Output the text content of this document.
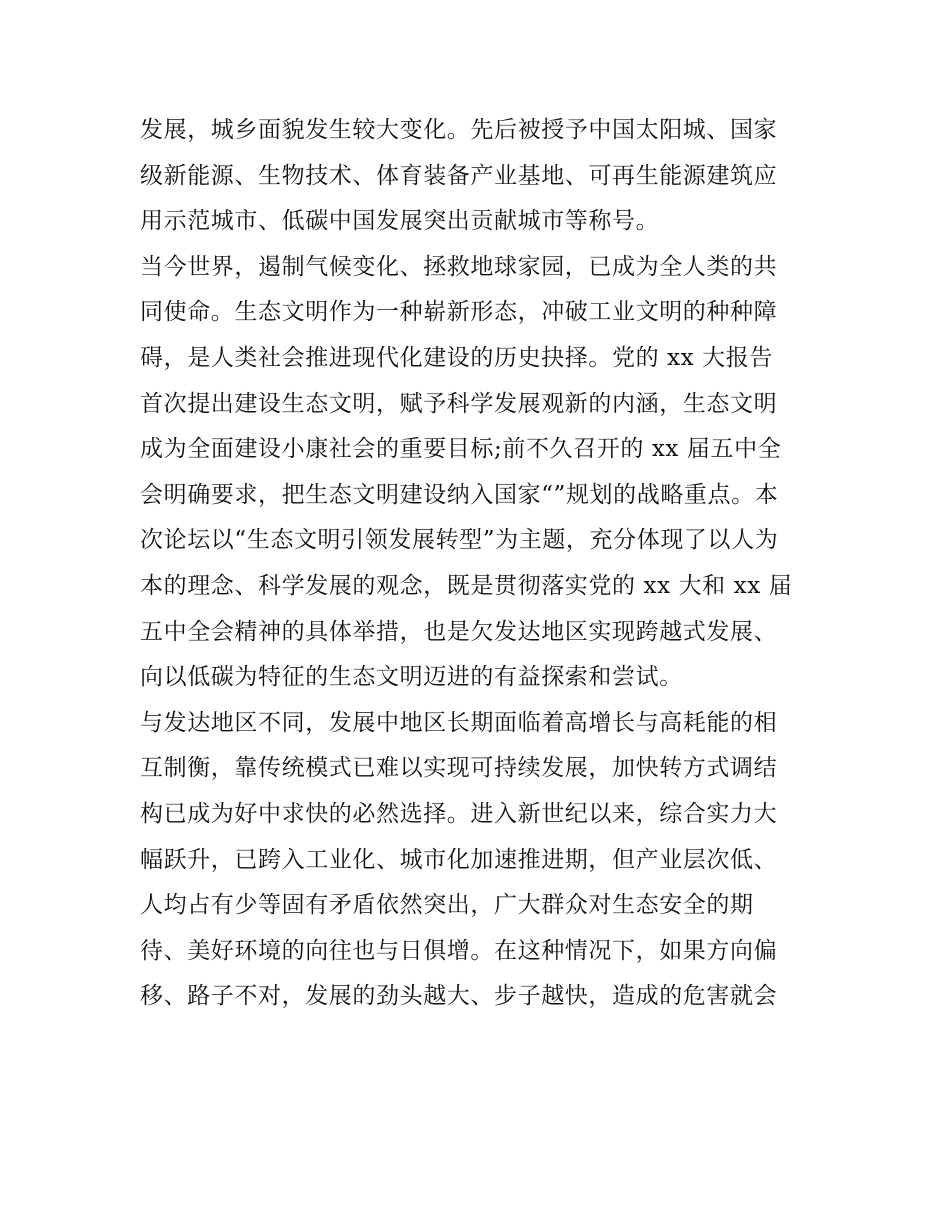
发展，城乡面貌发生较大变化。先后被授予中国太阳城、国家
级新能源、生物技术、体育装备产业基地、可再生能源建筑应
用示范城市、低碳中国发展突出贡献城市等称号。
当今世界，遏制气候变化、拯救地球家园，已成为全人类的共
同使命。生态文明作为一种崭新形态，冲破工业文明的种种障
碍，是人类社会推进现代化建设的历史抉择。党的 xx 大报告
首次提出建设生态文明，赋予科学发展观新的内涵，生态文明
成为全面建设小康社会的重要目标;前不久召开的 xx 届五中全
会明确要求，把生态文明建设纳入国家“”规划的战略重点。本
次论坛以“生态文明引领发展转型”为主题，充分体现了以人为
本的理念、科学发展的观念，既是贯彻落实党的 xx 大和 xx 届
五中全会精神的具体举措，也是欠发达地区实现跨越式发展、
向以低碳为特征的生态文明迈进的有益探索和尝试。
与发达地区不同，发展中地区长期面临着高增长与高耗能的相
互制衡，靠传统模式已难以实现可持续发展，加快转方式调结
构已成为好中求快的必然选择。进入新世纪以来，综合实力大
幅跃升，已跨入工业化、城市化加速推进期，但产业层次低、
人均占有少等固有矛盾依然突出，广大群众对生态安全的期
待、美好环境的向往也与日俱增。在这种情况下，如果方向偏
移、路子不对，发展的劲头越大、步子越快，造成的危害就会
